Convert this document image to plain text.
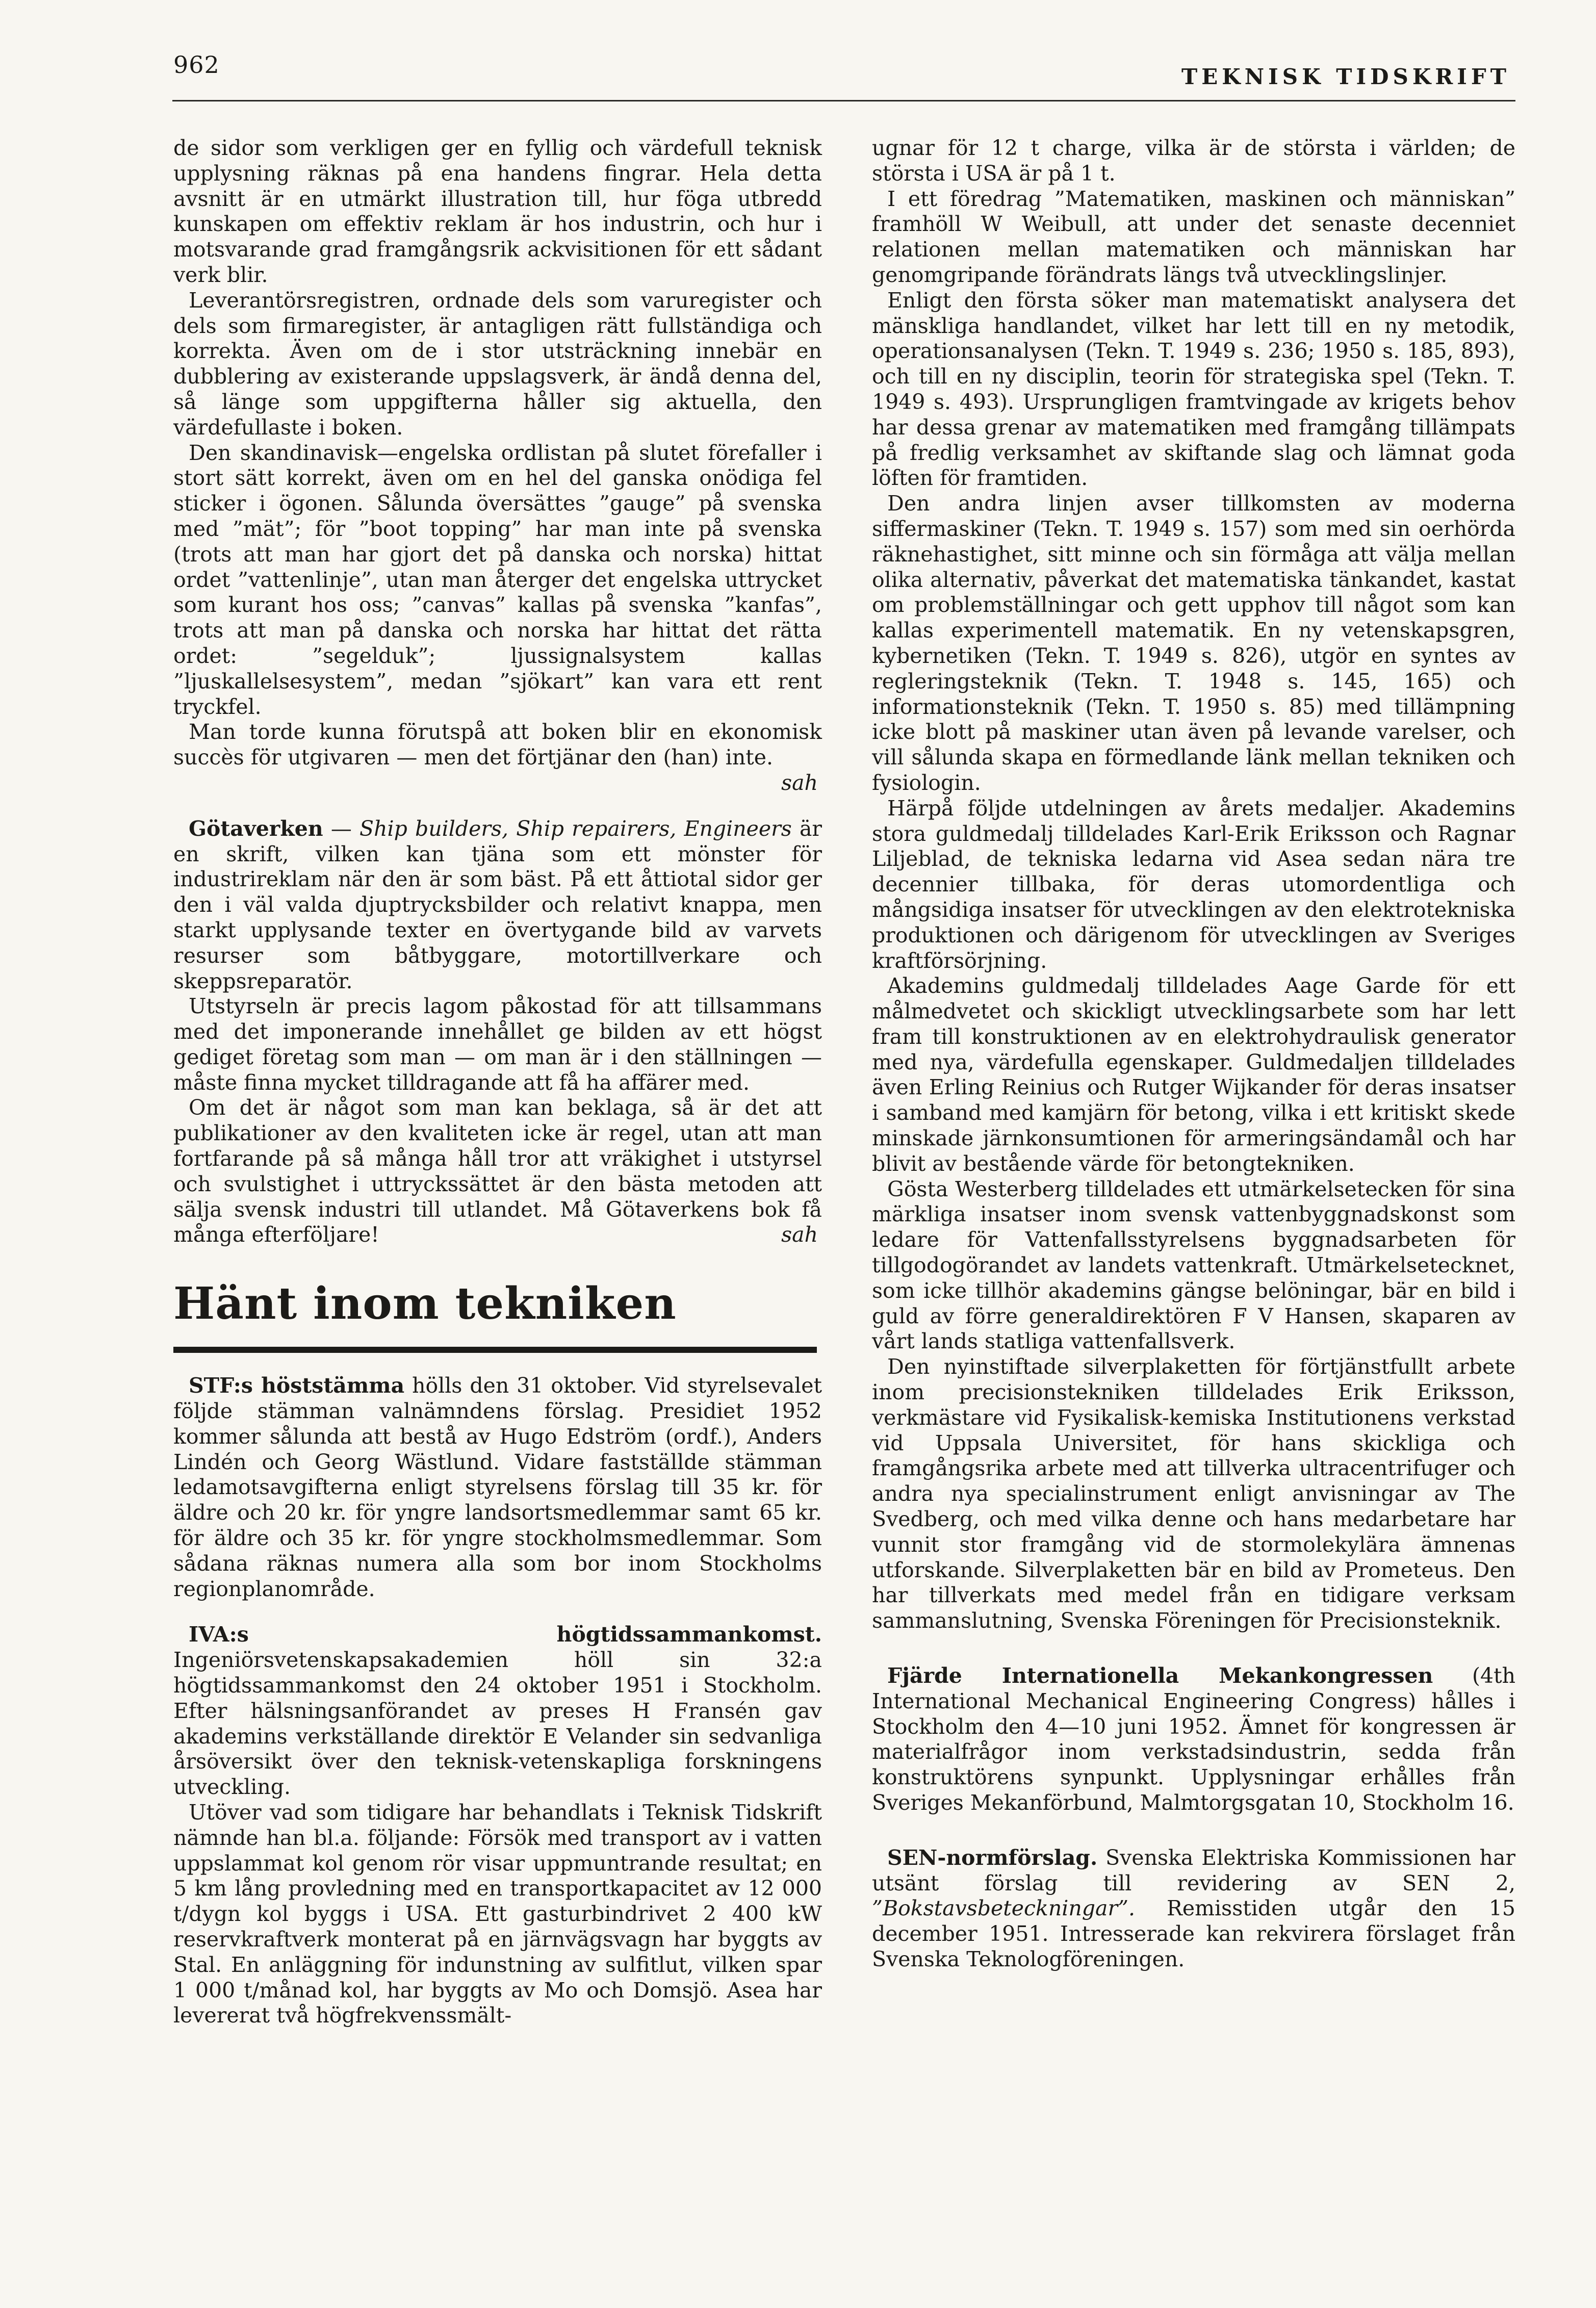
962	TEKNISK TIDSKRIFT

de sidor som verkligen ger en fyllig och värdefull teknisk upplysning räknas på ena handens fingrar. Hela detta avsnitt är en utmärkt illustration till, hur föga utbredd kunskapen om effektiv reklam är hos industrin, och hur i motsvarande grad framgångsrik ackvisitionen för ett sådant verk blir.

Leverantörsregistren, ordnade dels som varuregister och dels som firmaregister, är antagligen rätt fullständiga och korrekta. Även om de i stor utsträckning innebär en dubblering av existerande uppslagsverk, är ändå denna del, så länge som uppgifterna håller sig aktuella, den värdefullaste i boken.

Den skandinavisk—engelska ordlistan på slutet förefaller i stort sätt korrekt, även om en hel del ganska onödiga fel sticker i ögonen. Sålunda översättes ”gauge” på svenska med ”mät”; för ”boot topping” har man inte på svenska (trots att man har gjort det på danska och norska) hittat ordet ”vattenlinje”, utan man återger det engelska uttrycket som kurant hos oss; ”canvas” kallas på svenska ”kanfas”, trots att man på danska och norska har hittat det rätta ordet: ”segelduk”; ljussignalsystem kallas ”ljuskallelsesystem”, medan ”sjökart” kan vara ett rent tryckfel.

Man torde kunna förutspå att boken blir en ekonomisk succès för utgivaren — men det förtjänar den (han) inte.

sah

Götaverken — Ship builders, Ship repairers, Engineers är en skrift, vilken kan tjäna som ett mönster för industrireklam när den är som bäst. På ett åttiotal sidor ger den i väl valda djuptrycksbilder och relativt knappa, men starkt upplysande texter en övertygande bild av varvets resurser som båtbyggare, motortillverkare och skeppsreparatör.

Utstyrseln är precis lagom påkostad för att tillsammans med det imponerande innehållet ge bilden av ett högst gediget företag som man — om man är i den ställningen — måste finna mycket tilldragande att få ha affärer med.

Om det är något som man kan beklaga, så är det att publikationer av den kvaliteten icke är regel, utan att man fortfarande på så många håll tror att vräkighet i utstyrsel och svulstighet i uttryckssättet är den bästa metoden att sälja svensk industri till utlandet. Må Götaverkens bok få många efterföljare!	sah

Hänt inom tekniken

STF:s höststämma hölls den 31 oktober. Vid styrelsevalet följde stämman valnämndens förslag. Presidiet 1952 kommer sålunda att bestå av Hugo Edström (ordf.), Anders Lindén och Georg Wästlund. Vidare fastställde stämman ledamotsavgifterna enligt styrelsens förslag till 35 kr. för äldre och 20 kr. för yngre landsortsmedlemmar samt 65 kr. för äldre och 35 kr. för yngre stockholmsmedlemmar. Som sådana räknas numera alla som bor inom Stockholms regionplanområde.

IVA:s högtidssammankomst. Ingeniörsvetenskapsakademien höll sin 32:a högtidssammankomst den 24 oktober 1951 i Stockholm. Efter hälsningsanförandet av preses H Fransén gav akademins verkställande direktör E Velander sin sedvanliga årsöversikt över den teknisk-vetenskapliga forskningens utveckling.

Utöver vad som tidigare har behandlats i Teknisk Tidskrift nämnde han bl.a. följande: Försök med transport av i vatten uppslammat kol genom rör visar uppmuntrande resultat; en 5 km lång provledning med en transportkapacitet av 12 000 t/dygn kol byggs i USA. Ett gasturbindrivet 2 400 kW reservkraftverk monterat på en järnvägsvagn har byggts av Stal. En anläggning för indunstning av sulfitlut, vilken spar 1 000 t/månad kol, har byggts av Mo och Domsjö. Asea har levererat två högfrekvenssmält-

ugnar för 12 t charge, vilka är de största i världen; de största i USA är på 1 t.

I ett föredrag ”Matematiken, maskinen och människan” framhöll W Weibull, att under det senaste decenniet relationen mellan matematiken och människan har genomgripande förändrats längs två utvecklingslinjer.

Enligt den första söker man matematiskt analysera det mänskliga handlandet, vilket har lett till en ny metodik, operationsanalysen (Tekn. T. 1949 s. 236; 1950 s. 185, 893), och till en ny disciplin, teorin för strategiska spel (Tekn. T. 1949 s. 493). Ursprungligen framtvingade av krigets behov har dessa grenar av matematiken med framgång tillämpats på fredlig verksamhet av skiftande slag och lämnat goda löften för framtiden.

Den andra linjen avser tillkomsten av moderna siffermaskiner (Tekn. T. 1949 s. 157) som med sin oerhörda räknehastighet, sitt minne och sin förmåga att välja mellan olika alternativ, påverkat det matematiska tänkandet, kastat om problemställningar och gett upphov till något som kan kallas experimentell matematik. En ny vetenskapsgren, kybernetiken (Tekn. T. 1949 s. 826), utgör en syntes av regleringsteknik (Tekn. T. 1948 s. 145, 165) och informationsteknik (Tekn. T. 1950 s. 85) med tillämpning icke blott på maskiner utan även på levande varelser, och vill sålunda skapa en förmedlande länk mellan tekniken och fysiologin.

Härpå följde utdelningen av årets medaljer. Akademins stora guldmedalj tilldelades Karl-Erik Eriksson och Ragnar Liljeblad, de tekniska ledarna vid Asea sedan nära tre decennier tillbaka, för deras utomordentliga och mångsidiga insatser för utvecklingen av den elektrotekniska produktionen och därigenom för utvecklingen av Sveriges kraftförsörjning.

Akademins guldmedalj tilldelades Aage Garde för ett målmedvetet och skickligt utvecklingsarbete som har lett fram till konstruktionen av en elektrohydraulisk generator med nya, värdefulla egenskaper. Guldmedaljen tilldelades även Erling Reinius och Rutger Wijkander för deras insatser i samband med kamjärn för betong, vilka i ett kritiskt skede minskade järnkonsumtionen för armeringsändamål och har blivit av bestående värde för betongtekniken.

Gösta Westerberg tilldelades ett utmärkelsetecken för sina märkliga insatser inom svensk vattenbyggnadskonst som ledare för Vattenfallsstyrelsens byggnadsarbeten för tillgodogörandet av landets vattenkraft. Utmärkelsetecknet, som icke tillhör akademins gängse belöningar, bär en bild i guld av förre generaldirektören F V Hansen, skaparen av vårt lands statliga vattenfallsverk.

Den nyinstiftade silverplaketten för förtjänstfullt arbete inom precisionstekniken tilldelades Erik Eriksson, verkmästare vid Fysikalisk-kemiska Institutionens verkstad vid Uppsala Universitet, för hans skickliga och framgångsrika arbete med att tillverka ultracentrifuger och andra nya specialinstrument enligt anvisningar av The Svedberg, och med vilka denne och hans medarbetare har vunnit stor framgång vid de stormolekylära ämnenas utforskande. Silverplaketten bär en bild av Prometeus. Den har tillverkats med medel från en tidigare verksam sammanslutning, Svenska Föreningen för Precisionsteknik.

Fjärde Internationella Mekankongressen (4th International Mechanical Engineering Congress) hålles i Stockholm den 4—10 juni 1952. Ämnet för kongressen är materialfrågor inom verkstadsindustrin, sedda från konstruktörens synpunkt. Upplysningar erhålles från Sveriges Mekanförbund, Malmtorgsgatan 10, Stockholm 16.

SEN-normförslag. Svenska Elektriska Kommissionen har utsänt förslag till revidering av SEN 2, ”Bokstavsbeteckningar”. Remisstiden utgår den 15 december 1951. Intresserade kan rekvirera förslaget från Svenska Teknologföreningen.
